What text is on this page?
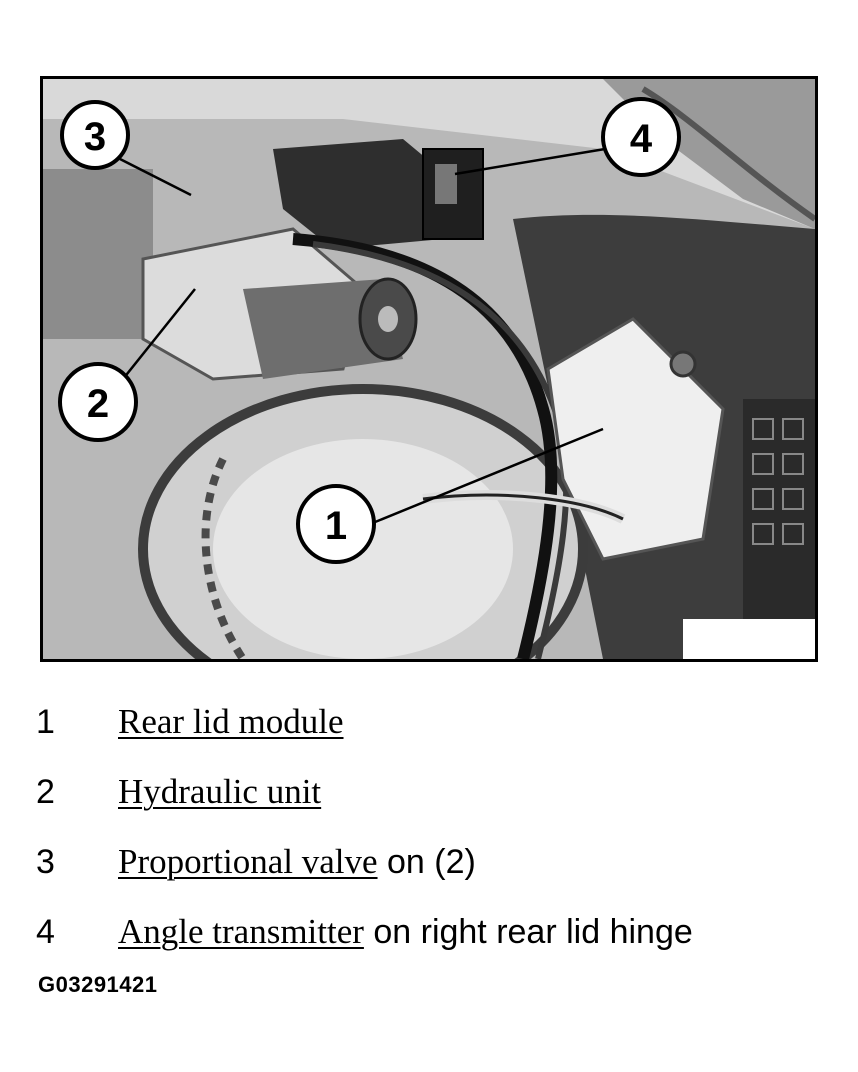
3	4
2
1
1 Rear lid module
2 Hydraulic unit
3 Proportional valve on (2)
4 Angle transmitter on right rear lid hinge
G03291421
